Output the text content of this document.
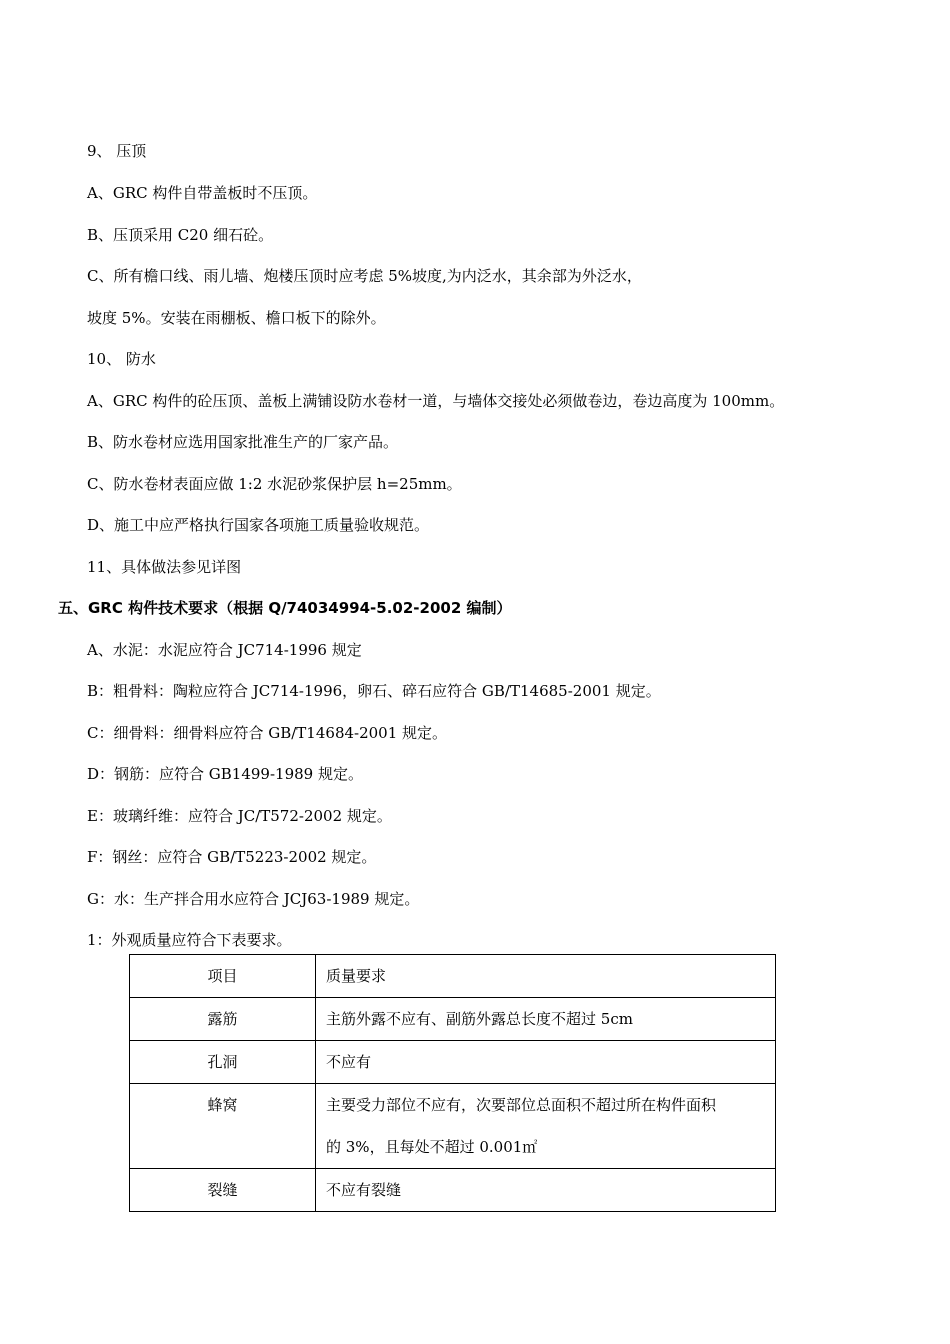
9、 压顶
A、GRC 构件自带盖板时不压顶。
B、压顶采用 C20 细石砼。
C、所有檐口线、雨儿墙、炮楼压顶时应考虑 5%坡度,为内泛水，其余部为外泛水，
坡度 5%。安装在雨棚板、檐口板下的除外。
10、 防水
A、GRC 构件的砼压顶、盖板上满铺设防水卷材一道，与墙体交接处必须做卷边，卷边高度为 100mm。
B、防水卷材应选用国家批准生产的厂家产品。
C、防水卷材表面应做 1:2 水泥砂浆保护层 h=25mm。
D、施工中应严格执行国家各项施工质量验收规范。
11、具体做法参见详图
五、GRC 构件技术要求（根据 Q/74034994-5.02-2002 编制）
A、水泥：水泥应符合 JC714-1996 规定
B：粗骨料：陶粒应符合 JC714-1996，卵石、碎石应符合 GB/T14685-2001 规定。
C：细骨料：细骨料应符合 GB/T14684-2001 规定。
D：钢筋：应符合 GB1499-1989 规定。
E：玻璃纤维：应符合 JC/T572-2002 规定。
F：钢丝：应符合 GB/T5223-2002 规定。
G：水：生产拌合用水应符合 JCJ63-1989 规定。
1：外观质量应符合下表要求。
项目	质量要求

露筋	主筋外露不应有、副筋外露总长度不超过 5cm

孔洞	不应有

蜂窝	主要受力部位不应有，次要部位总面积不超过所在构件面积
的 3%，且每处不超过 0.001㎡

裂缝	不应有裂缝
